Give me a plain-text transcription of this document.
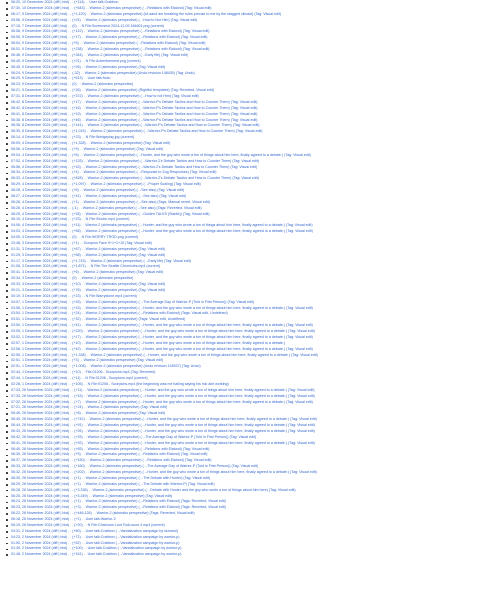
06:20, 10 December 2024 (diff | hist) . . (+114) . . User talk:Crabbon
07:30, 10 December 2024 (diff | hist) . . (+643) . . Warrior-2 (skirmaks perspective) (→Relations with Elalond) (Tag: Visual edit)
06:17, 9 December 2024 (diff | hist) . . (+1,120) . . Warrior-2 (skirmaks perspective) (lol aand am breaking the rules precise to me by the stagged climaxt) (Tag: Visual edit)
05:56, 9 December 2024 (diff | hist) . . (+24) . . Warrior-2 (skirmaks perspective) (→How to Not Him) (Tag: Visual edit)
07:15, 7 December 2024 (diff | hist) . . (0) . . N File:Screenshot 2024-12-09 184601.png (current)
06:56, 9 December 2024 (diff | hist) . . (+122) . . Warrior-2 (skirmaks perspective) (→Relations with Elalond) (Tag: Visual edit)
06:55, 9 December 2024 (diff | hist) . . (+17) . . Warrior-2 (skirmaks perspective) (→Relations with Elalond) (Tag: Visual edit)
06:54, 9 December 2024 (diff | hist) . . (+5) . . Warrior-2 (skirmaks perspective) (→Relations with Elalond) (Tag: Visual edit)
06:51, 9 December 2024 (diff | hist) . . (+238) . . Warrior-2 (skirmaks perspective) (→Relations with Elalond) (Tag: Visual edit)
06:46, 9 December 2024 (diff | hist) . . (+344) . . Warrior-2 (skirmaks perspective) (→Early life) (Tag: Visual edit)
06:45, 9 December 2024 (diff | hist) . . (+21) . . N File:Advertisement.png (current)
06:45, 9 December 2024 (diff | hist) . . (+26) . . Warrior-2 (skirmaks perspective) (Tag: Visual edit)
06:24, 9 December 2024 (diff | hist) . . (-32) . . Warrior-2 (skirmaks perspective) (Undo revision 148430) (Tag: Undo)
06:20, 9 December 2024 (diff | hist) . . (+613) . . User talk:Noto
06:23, 9 December 2024 (diff | hist) . . (0) . . Warrior-2 (skirmaks perspective)
06:21, 9 December 2024 (diff | hist) . . (+26) . . Warrior-2 (skirmaks perspective) (Rightful templates) (Tag: Reverted, Visual edit)
07:31, 8 December 2024 (diff | hist) . . (+372) . . Warrior-2 (skirmaks perspective) (→How to not Him) (Tag: Visual edit)
06:42, 8 December 2024 (diff | hist) . . (+17) . . Warrior-2 (skirmaks perspective) (→Warrior-P's Debate Tactics and How to Counter Them) (Tag: Visual edit)
06:42, 8 December 2024 (diff | hist) . . (+16) . . Warrior-2 (skirmaks perspective) (→Warrior-P's Debate Tactics and How to Counter Them) (Tag: Visual edit)
06:41, 8 December 2024 (diff | hist) . . (+19) . . Warrior-2 (skirmaks perspective) (→Warrior-P's Debate Tactics and How to Counter Them) (Tag: Visual edit)
06:38, 8 December 2024 (diff | hist) . . (+46) . . Warrior-2 (skirmaks perspective) (→Warrior-P's Debate Tactics and How to Counter Them) (Tag: Visual edit)
06:38, 8 December 2024 (diff | hist) . . (+141) . . Warrior-2 (skirmaks perspective) (→Warrior-P's Debate Tactics and How to Counter Them) (Tag: Visual edit)
06:35, 8 December 2024 (diff | hist) . . (+1,015) . . Warrior-2 (skirmaks perspective) (→Warrior-P's Debate Tactics and How to Counter Them) (Tag: Visual edit)
06:14, 4 December 2024 (diff | hist) . . (+23) . . N File:Wedgeplay.jpg (current)
06:09, 4 December 2024 (diff | hist) . . (+1,328) . . Warrior-2 (skirmaks perspective) (Tag: Visual edit)
06:06, 4 December 2024 (diff | hist) . . (+9) . . Warrior-2 (skirmaks perspective) (Tag: Visual edit)
09:04, 4 December 2024 (diff | hist) . . (+6) . . Warrior-2 (skirmaks perspective) (→Hunter, and the guy who wrote a ton of things about him here, finally agreed to a debate.) (Tag: Visual edit)
07:02, 4 December 2024 (diff | hist) . . (+125) . . Warrior-2 (skirmaks perspective) (→Warrior-2's Debate Tactics and How to Counter Them) (Tag: Visual edit)
06:56, 4 December 2024 (diff | hist) . . (+16) . . Warrior-2 (skirmaks perspective) (→Warrior-2's Debate Tactics and How to Counter Them) (Tag: Visual edit)
06:34, 4 December 2024 (diff | hist) . . (+4) . . Warrior-2 (skirmaks perspective) (→Response to Zog Responses) (Tag: Visual edit)
06:33, 4 December 2024 (diff | hist) . . (+828) . . Warrior-2 (skirmaks perspective) (→Warrior-2's Debate Tactics and How to Counter Them) (Tag: Visual edit)
06:29, 4 December 2024 (diff | hist) . . (+1,097) . . Warrior-2 (skirmaks perspective) (→Proper Scaling) (Tag: Visual edit)
06:28, 4 December 2024 (diff | hist) . . (+6) . . Warrior-2 (skirmaks perspective) (→See also) (Tag: Visual edit)
06:27, 4 December 2024 (diff | hist) . . (+41) . . Warrior-2 (skirmaks perspective) (→See also) (Tag: Visual edit)
06:26, 4 December 2024 (diff | hist) . . (+1) . . Warrior-2 (skirmaks perspective) (→See also) (Tags: Manual revert, Visual edit)
06:26, 4 December 2024 (diff | hist) . . (-1) . . Warrior-2 (skirmaks perspective) (→See also) (Tags: Reverted, Visual edit)
06:25, 4 December 2024 (diff | hist) . . (+28) . . Warrior-2 (skirmaks perspective) (→Golden TALKS (Startle)) (Tag: Visual edit)
06:19, 4 December 2024 (diff | hist) . . (+23) . . N File:Stocks.mp4 (current)
04:06, 4 December 2024 (diff | hist) . . (+11) . . Warrior-2 (skirmaks perspective) (→Hunter, and the guy who wrote a ton of things about him here, finally agreed to a debate.) (Tag: Visual edit)
04:03, 4 December 2024 (diff | hist) . . (+58) . . Warrior-2 (skirmaks perspective) (→Hunter, and the guy who wrote a ton of things about him here, finally agreed to a debate.) (Tag: Visual edit)
04:05, 4 December 2024 (diff | hist) . . (0) . . N File:WORRY TROD.png (current)
23:48, 3 December 2024 (diff | hist) . . (+1) . . Scorpion Face 9+1+1+10 (Tag: Visual edit)
01:31, 3 December 2024 (diff | hist) . . (+67) . . Warrior-2 (skirmaks perspective) (Tag: Visual edit)
01:25, 3 December 2024 (diff | hist) . . (+58) . . Warrior-2 (skirmaks perspective) (Tag: Visual edit)
01:17, 3 December 2024 (diff | hist) . . (+1,743) . . Warrior-2 (skirmaks perspective) (→Early life) (Tag: Visual edit)
01:06, 3 December 2024 (diff | hist) . . (+1,871) . . N File:The Seattle Chronicles.mp4 (current)
00:41, 3 December 2024 (diff | hist) . . (+6) . . Warrior-2 (skirmaks perspective) (Tag: Visual edit)
00:34, 3 December 2024 (diff | hist) . . (0) . . Warrior-2 (skirmaks perspective)
00:33, 3 December 2024 (diff | hist) . . (+10) . . Warrior-2 (skirmaks perspective) (Tag: Visual edit)
00:21, 3 December 2024 (diff | hist) . . (+76) . . Warrior-2 (skirmaks perspective) (Tag: Visual edit)
00:19, 3 December 2024 (diff | hist) . . (+23) . . N File:Warrystone.mp4 (current)
04:07, 1 December 2024 (diff | hist) . . (+25) . . Warrior-2 (skirmaks perspective) (→The Average Day of Warrior-P (Told in First Person)) (Tag: Visual edit)
03:56, 1 December 2024 (diff | hist) . . (+15) . . Warrior-2 (skirmaks perspective) (→Hunter, and the guy who wrote a ton of things about him here, finally agreed to a debate.) (Tag: Visual edit)
03:54, 1 December 2024 (diff | hist) . . (+24) . . Warrior-2 (skirmaks perspective) (→Relations with Elalond) (Tags: Visual edit, Undefined)
03:51, 1 December 2024 (diff | hist) . . (+32) . . Warrior-2 (skirmaks perspective) (Tags: Visual edit, Undefined)
03:50, 1 December 2024 (diff | hist) . . (+41) . . Warrior-2 (skirmaks perspective) (→Hunter, and the guy who wrote a ton of things about him here, finally agreed to a debate.) (Tag: Visual edit)
03:05, 1 December 2024 (diff | hist) . . (+220) . . Warrior-2 (skirmaks perspective) (→Hunter, and the guy who wrote a ton of things about him here, finally agreed to a debate.) (Tag: Visual edit)
03:02, 1 December 2024 (diff | hist) . . (+17) . . Warrior-2 (skirmaks perspective) (→Hunter, and the guy who wrote a ton of things about him here, finally agreed to a debate.) (Tag: Visual edit)
02:57, 1 December 2024 (diff | hist) . . (+10) . . Warrior-2 (skirmaks perspective) (→Hunter, and the guy who wrote a ton of things about him here, finally agreed to a debate.)
02:56, 1 December 2024 (diff | hist) . . (+42) . . Warrior-2 (skirmaks perspective) (→Hunter, and the guy who wrote a ton of things about him here, finally agreed to a debate.) (Tag: Visual edit)
02:55, 1 December 2024 (diff | hist) . . (+1,338) . . Warrior-2 (skirmaks perspective) (→Hunter, and the guy who wrote a ton of things about him here, finally agreed to a debate.) (Tag: Visual edit)
02:51, 1 December 2024 (diff | hist) . . (+3) . . Warrior-2 (skirmaks perspective) (Tag: Visual edit)
02:51, 1 December 2024 (diff | hist) . . (+1,008) . . Warrior-2 (skirmaks perspective) (Undo revision 145937) (Tag: Undo)
02:44, 1 December 2024 (diff | hist) . . (+10) . . File:01206 - Scorpions.mp4 (Tag: Reverted)
02:44, 1 December 2024 (diff | hist) . . (+11) . . N File:01206 - Scorpions.mp4 (current)
02:28, 1 December 2024 (diff | hist) . . (+105) . . N File:01206 - Scorpions.mp4 (the beginning was me bailing saying his mic aint working)
07:33, 26 November 2024 (diff | hist) . . (+11) . . Warrior-2 (skirmaks perspective) (→Hunter, and the guy who wrote a ton of things about him here, finally agreed to a debate.) (Tag: Visual edit)
07:33, 26 November 2024 (diff | hist) . . (+15) . . Warrior-2 (skirmaks perspective) (→Hunter, and the guy who wrote a ton of things about him here, finally agreed to a debate.) (Tag: Visual edit)
07:32, 26 November 2024 (diff | hist) . . (+7) . . Warrior-2 (skirmaks perspective) (→Hunter, and the guy who wrote a ton of things about him here, finally agreed to a debate.) (Tag: Visual edit)
07:21, 26 November 2024 (diff | hist) . . (+24) . . Warrior-2 (skirmaks perspective) (Tag: Visual edit)
06:46, 26 November 2024 (diff | hist) . . (+8) . . Warrior-2 (skirmaks perspective) (Tag: Visual edit)
06:45, 26 November 2024 (diff | hist) . . (+742) . . Warrior-2 (skirmaks perspective) (→Hunter, and the guy who wrote a ton of things about him here, finally agreed to a debate.) (Tag: Visual edit)
06:44, 26 November 2024 (diff | hist) . . (+91) . . Warrior-2 (skirmaks perspective) (→Hunter, and the guy who wrote a ton of things about him here, finally agreed to a debate.) (Tag: Visual edit)
06:43, 26 November 2024 (diff | hist) . . (+26) . . Warrior-2 (skirmaks perspective) (→Hunter, and the guy who wrote a ton of things about him here, finally agreed to a debate.) (Tag: Visual edit)
06:42, 26 November 2024 (diff | hist) . . (+25) . . Warrior-2 (skirmaks perspective) (→The Average Day of Warrior-P (Told in First Person)) (Tag: Visual edit)
06:41, 26 November 2024 (diff | hist) . . (+92) . . Warrior-2 (skirmaks perspective) (→Hunter, and the guy who wrote a ton of things about him here, finally agreed to a debate.) (Tag: Visual edit)
06:40, 26 November 2024 (diff | hist) . . (+65) . . Warrior-2 (skirmaks perspective) (→Relations with Elalond) (Tag: Visual edit)
06:39, 26 November 2024 (diff | hist) . . (+5) . . Warrior-2 (skirmaks perspective) (→Relations with Elalond) (Tag: Visual edit)
06:37, 26 November 2024 (diff | hist) . . (+150) . . Warrior-2 (skirmaks perspective) (→Relations with Elalond) (Tag: Visual edit)
06:33, 26 November 2024 (diff | hist) . . (+160) . . Warrior-2 (skirmaks perspective) (→The Average Day of Warrior-P (Told in First Person)) (Tag: Visual edit)
06:32, 26 November 2024 (diff | hist) . . (+202) . . Warrior-2 (skirmaks perspective) (→Hunter, and the guy who wrote a ton of things about him here, finally agreed to a debate.) (Tag: Visual edit)
06:30, 26 November 2024 (diff | hist) . . (+1) . . Warrior-2 (skirmaks perspective) (→The Debate with Hunter) (Tag: Visual edit)
06:29, 26 November 2024 (diff | hist) . . (+1) . . Warrior-2 (skirmaks perspective) (→The Debate with Warrior-P) (Tag: Visual edit)
06:28, 26 November 2024 (diff | hist) . . (+3,338) . . Warrior-2 (skirmaks perspective) (→Debate with Hunter and the guy who wrote a ton of things about him here) (Tag: Visual edit)
06:25, 26 November 2024 (diff | hist) . . (+3,349) . . Warrior-2 (skirmaks perspective) (Tag: Visual edit)
06:24, 26 November 2024 (diff | hist) . . (+1) . . Warrior-2 (skirmaks perspective) (→Relations with Elalond) (Tags: Reverted, Visual edit)
06:23, 26 November 2024 (diff | hist) . . (+3) . . Warrior-2 (skirmaks perspective) (→Relations with Elalond) (Tags: Reverted, Visual edit)
06:22, 26 November 2024 (diff | hist) . . (+446,128) . . Warrior-2 (skirmaks perspective) (Tags: Reverted, Visual edit)
06:18, 26 November 2024 (diff | hist) . . (+1) . . User talk:Warrior-2
06:19, 26 November 2024 (diff | hist) . . (+20) . . N File:Chatroom Loot TodLocuct 4.mp4 (current)
04:31, 2 November 2024 (diff | hist) . . (+80) . . User talk:Crabbon (→Vandalization campaign by skrnaroi)
04:23, 2 November 2024 (diff | hist) . . (+71) . . User talk:Crabbon (→Vandalization campaign by warrior-p)
01:50, 2 November 2024 (diff | hist) . . (+52) . . User talk:Crabbon (→Vandalization campaign by warrior-p)
01:49, 2 November 2024 (diff | hist) . . (+100) . . User talk:Crabbon (→Vandalization campaign by warrior-p)
01:48, 2 November 2024 (diff | hist) . . (+161) . . User talk:Crabbon (→Vandalization campaign by warrior-p)
